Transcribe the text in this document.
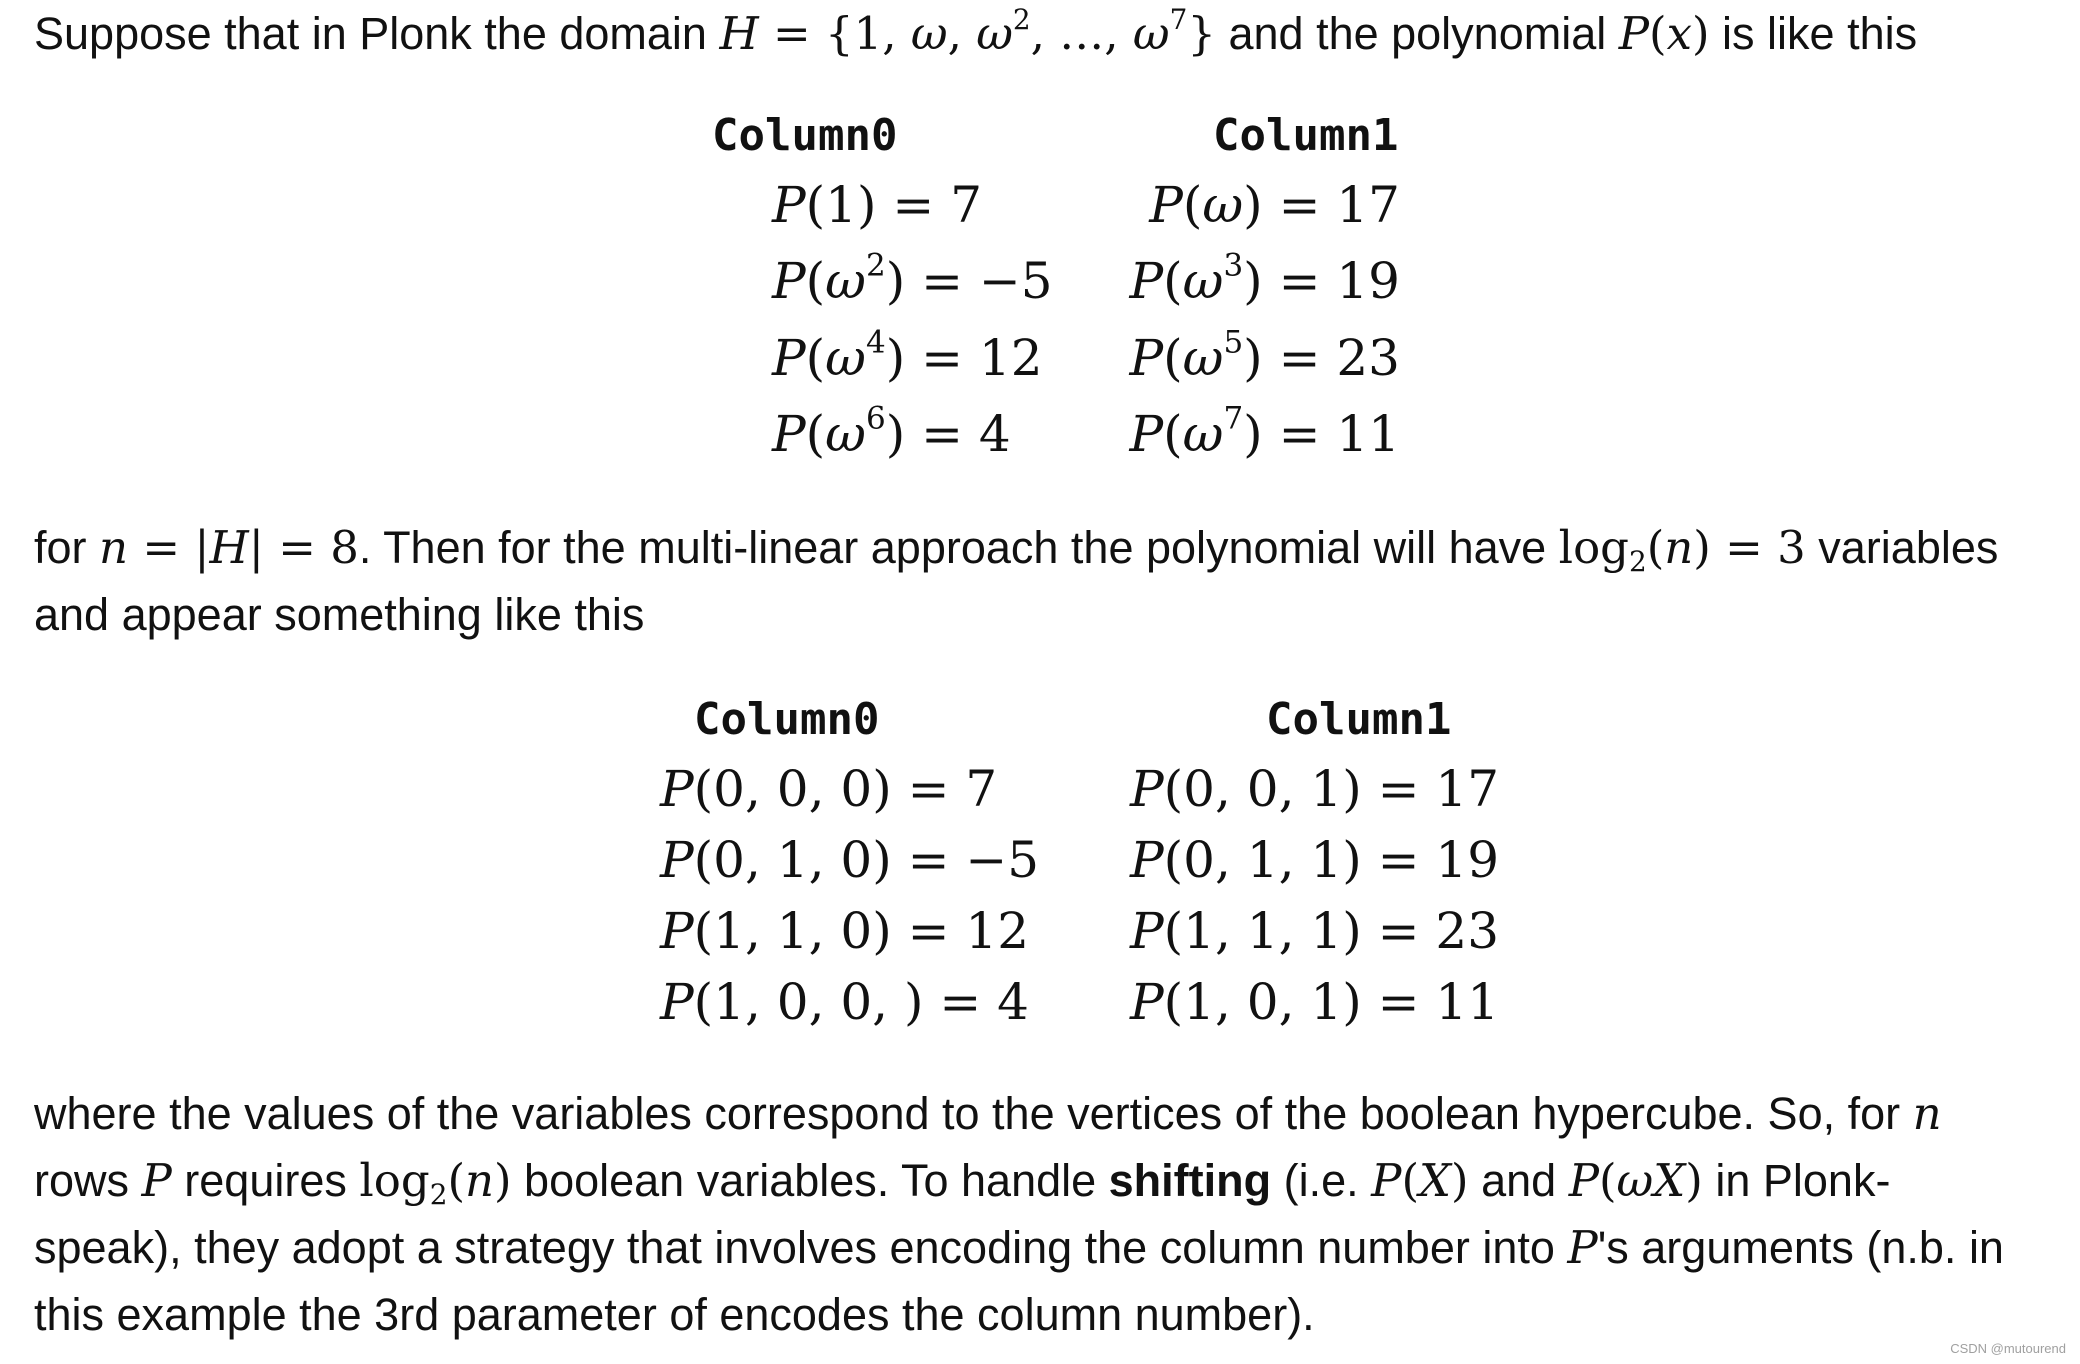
Suppose that in Plonk the domain H = {1, ω, $\omega^2$, …, $\omega^7$} and the polynomial P(x) is like this

Column0	Column1
P(1) = 7
$P(\omega^2) = -5$
$P(\omega^4) = 12$
$P(\omega^6) = 4$
P(ω) = 17
$P(\omega^3) = 19$
$P(\omega^5) = 23$
$P(\omega^7) = 11$

for n = |H| = 8. Then for the multi-linear approach the polynomial will have $\log_2(n) = 3$ variables

and appear something like this

Column0	Column1
P(0, 0, 0) = 7
P(0, 1, 0) = −5
P(1, 1, 0) = 12
P(1, 0, 0, ) = 4
P(0, 0, 1) = 17
P(0, 1, 1) = 19
P(1, 1, 1) = 23
P(1, 0, 1) = 11

where the values of the variables correspond to the vertices of the boolean hypercube. So, for n

rows P requires $\log_2(n)$ boolean variables. To handle shifting (i.e. P(X) and P(ωX) in Plonk-

speak), they adopt a strategy that involves encoding the column number into P's arguments (n.b. in

this example the 3rd parameter of encodes the column number).

CSDN @mutourend
